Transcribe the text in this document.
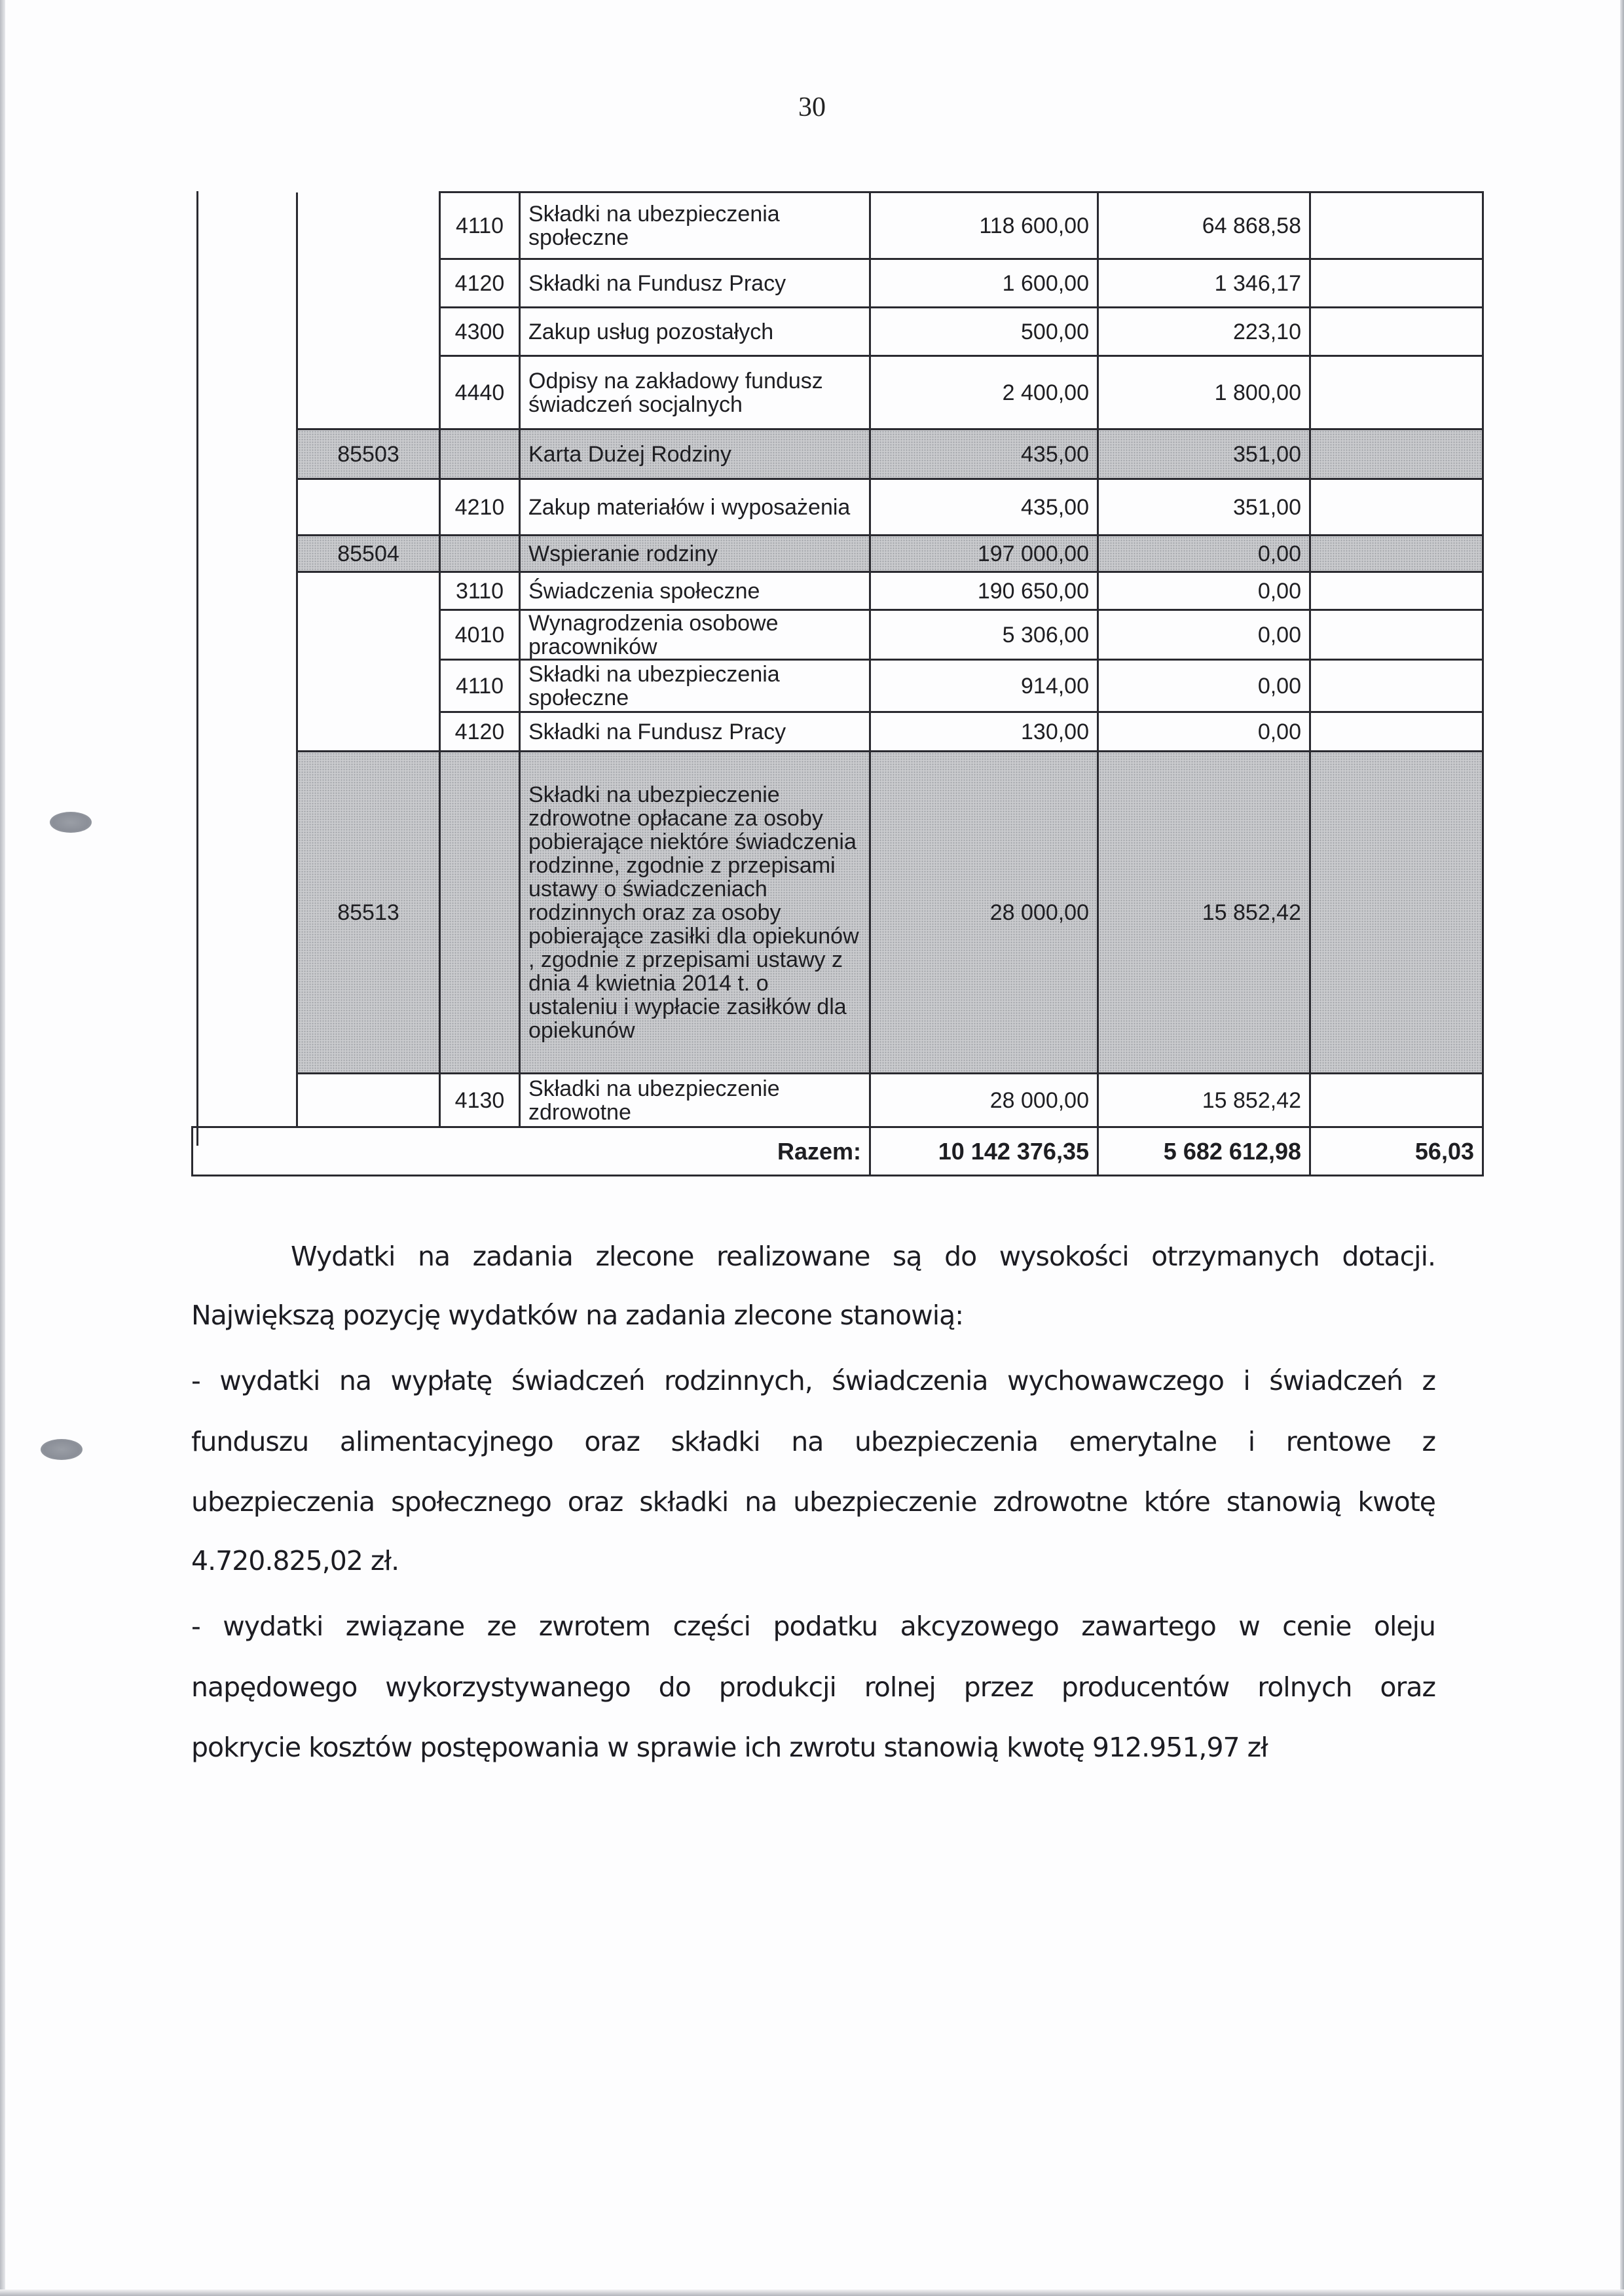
30
		4110	Składki na ubezpieczenia społeczne	118 600,00	64 868,58	
		4120	Składki na Fundusz Pracy	1 600,00	1 346,17	
		4300	Zakup usług pozostałych	500,00	223,10	
		4440	Odpisy na zakładowy fundusz świadczeń socjalnych	2 400,00	1 800,00	
	85503		Karta Dużej Rodziny	435,00	351,00	
		4210	Zakup materiałów i wyposażenia	435,00	351,00	
	85504		Wspieranie rodziny	197 000,00	0,00	
		3110	Świadczenia społeczne	190 650,00	0,00	
		4010	Wynagrodzenia osobowe pracowników	5 306,00	0,00	
		4110	Składki na ubezpieczenia społeczne	914,00	0,00	
		4120	Składki na Fundusz Pracy	130,00	0,00	
	85513		Składki na ubezpieczenie zdrowotne opłacane za osoby pobierające niektóre świadczenia rodzinne, zgodnie z przepisami ustawy o świadczeniach rodzinnych oraz za osoby pobierające zasiłki dla opiekunów , zgodnie z przepisami ustawy z dnia 4 kwietnia 2014 t. o ustaleniu i wypłacie zasiłków dla opiekunów	28 000,00	15 852,42	
		4130	Składki na ubezpieczenie zdrowotne	28 000,00	15 852,42	
Razem:				10 142 376,35	5 682 612,98	56,03
Wydatki na zadania zlecone realizowane są do wysokości otrzymanych dotacji.
Największą pozycję wydatków na zadania zlecone stanowią:
- wydatki na wypłatę świadczeń rodzinnych, świadczenia wychowawczego i świadczeń z
funduszu alimentacyjnego oraz składki na ubezpieczenia emerytalne i rentowe z
ubezpieczenia społecznego oraz składki na ubezpieczenie zdrowotne które stanowią kwotę
4.720.825,02 zł.
- wydatki związane ze zwrotem części podatku akcyzowego zawartego w cenie oleju
napędowego wykorzystywanego do produkcji rolnej przez producentów rolnych oraz
pokrycie kosztów postępowania w sprawie ich zwrotu stanowią kwotę 912.951,97 zł
